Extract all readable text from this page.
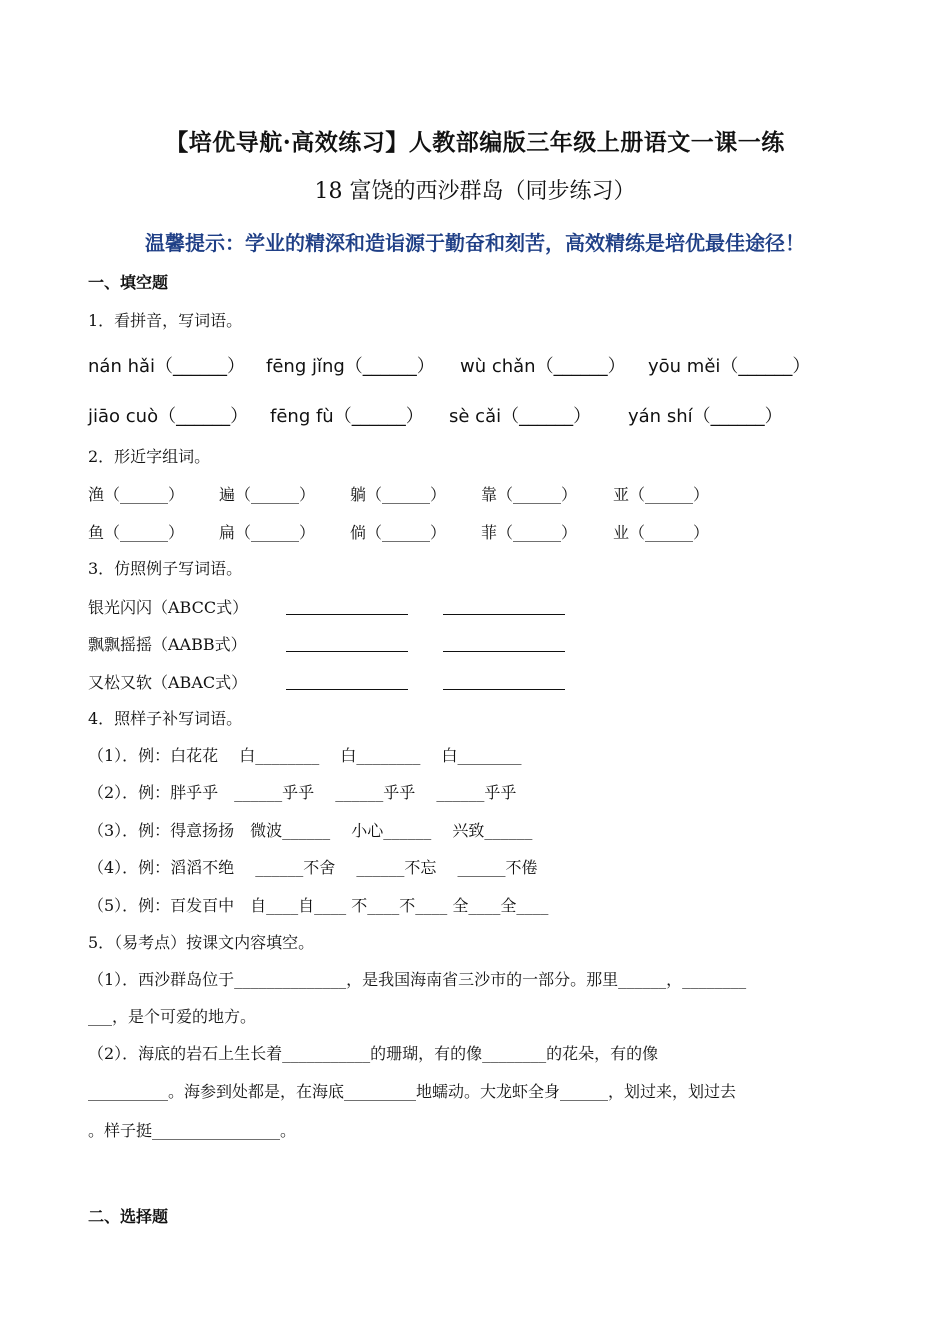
【培优导航·高效练习】人教部编版三年级上册语文一课一练
18 富饶的西沙群岛（同步练习）
温馨提示：学业的精深和造诣源于勤奋和刻苦，高效精练是培优最佳途径！
一、填空题
1．看拼音，写词语。
nán hǎi（______） fēng jǐng（______） wù chǎn（______） yōu měi（______）
jiāo cuò（______） fēng fù（______） sè cǎi（______） yán shí（______）
2．形近字组词。
渔（______） 遍（______） 躺（______） 靠（______） 亚（______）
鱼（______） 扁（______） 倘（______） 菲（______） 业（______）
3．仿照例子写词语。
银光闪闪（ABCC式）
飘飘摇摇（AABB式）
又松又软（ABAC式）
4．照样子补写词语。
（1）．例：白花花　 白________　 白________　 白________
（2）．例：胖乎乎　______乎乎　 ______乎乎　 ______乎乎
（3）．例：得意扬扬　微波______　 小心______　 兴致______
（4）．例：滔滔不绝　 ______不舍　 ______不忘　 ______不倦
（5）．例：百发百中　自____自____ 不____不____ 全____全____
5．（易考点）按课文内容填空。
（1）．西沙群岛位于______________，是我国海南省三沙市的一部分。那里______，________
___，是个可爱的地方。
（2）．海底的岩石上生长着___________的珊瑚，有的像________的花朵，有的像
__________。海参到处都是，在海底_________地蠕动。大龙虾全身______，划过来，划过去
。样子挺________________。
二、选择题
